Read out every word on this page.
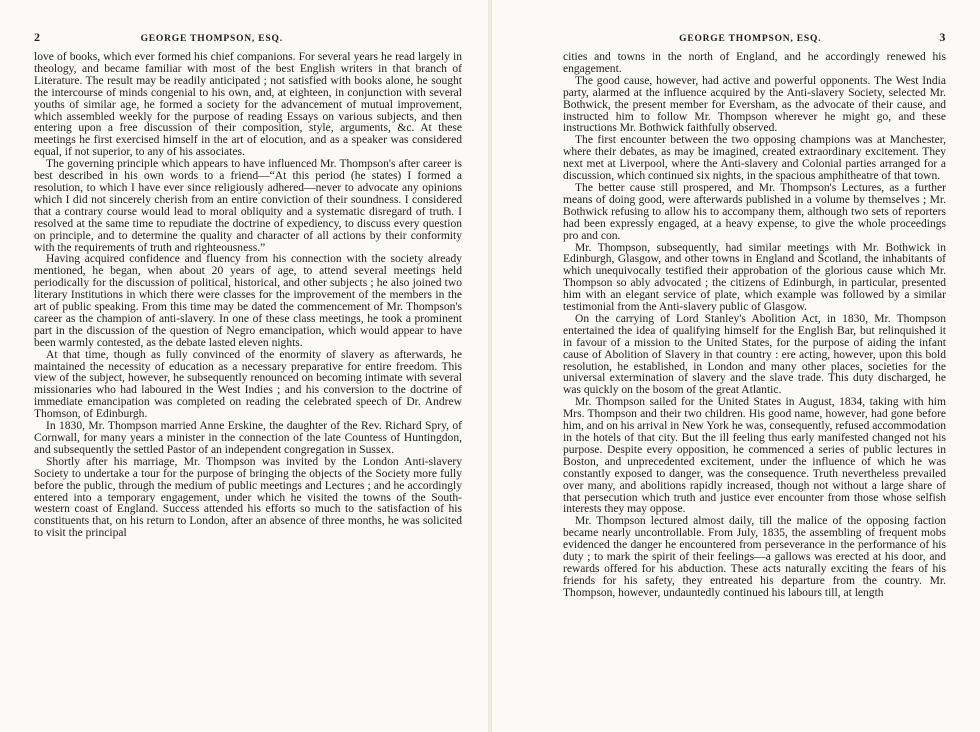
2	GEORGE THOMPSON, ESQ.

love of books, which ever formed his chief companions. For several years he read largely in theology, and became familiar with most of the best English writers in that branch of Literature. The result may be readily anticipated ; not satisfied with books alone, he sought the intercourse of minds congenial to his own, and, at eighteen, in conjunction with several youths of similar age, he formed a society for the advancement of mutual improvement, which assembled weekly for the purpose of reading Essays on various subjects, and then entering upon a free discussion of their composition, style, arguments, &c. At these meetings he first exercised himself in the art of elocution, and as a speaker was considered equal, if not superior, to any of his associates.

The governing principle which appears to have influenced Mr. Thompson's after career is best described in his own words to a friend—“At this period (he states) I formed a resolution, to which I have ever since religiously adhered—never to advocate any opinions which I did not sincerely cherish from an entire conviction of their soundness. I considered that a contrary course would lead to moral obliquity and a systematic disregard of truth. I resolved at the same time to repudiate the doctrine of expediency, to discuss every question on principle, and to determine the quality and character of all actions by their conformity with the requirements of truth and righteousness.”

Having acquired confidence and fluency from his connection with the society already mentioned, he began, when about 20 years of age, to attend several meetings held periodically for the discussion of political, historical, and other subjects ; he also joined two literary Institutions in which there were classes for the improvement of the members in the art of public speaking. From this time may be dated the commencement of Mr. Thompson's career as the champion of anti-slavery. In one of these class meetings, he took a prominent part in the discussion of the question of Negro emancipation, which would appear to have been warmly contested, as the debate lasted eleven nights.

At that time, though as fully convinced of the enormity of slavery as afterwards, he maintained the necessity of education as a necessary preparative for entire freedom. This view of the subject, however, he subsequently renounced on becoming intimate with several missionaries who had laboured in the West Indies ; and his conversion to the doctrine of immediate emancipation was completed on reading the celebrated speech of Dr. Andrew Thomson, of Edinburgh.

In 1830, Mr. Thompson married Anne Erskine, the daughter of the Rev. Richard Spry, of Cornwall, for many years a minister in the connection of the late Countess of Huntingdon, and subsequently the settled Pastor of an independent congregation in Sussex.

Shortly after his marriage, Mr. Thompson was invited by the London Anti-slavery Society to undertake a tour for the purpose of bringing the objects of the Society more fully before the public, through the medium of public meetings and Lectures ; and he accordingly entered into a temporary engagement, under which he visited the towns of the South-western coast of England. Success attended his efforts so much to the satisfaction of his constituents that, on his return to London, after an absence of three months, he was solicited to visit the principal

GEORGE THOMPSON, ESQ.	3

cities and towns in the north of England, and he accordingly renewed his engagement.

The good cause, however, had active and powerful opponents. The West India party, alarmed at the influence acquired by the Anti-slavery Society, selected Mr. Bothwick, the present member for Eversham, as the advocate of their cause, and instructed him to follow Mr. Thompson wherever he might go, and these instructions Mr. Bothwick faithfully observed.

The first encounter between the two opposing champions was at Manchester, where their debates, as may be imagined, created extraordinary excitement. They next met at Liverpool, where the Anti-slavery and Colonial parties arranged for a discussion, which continued six nights, in the spacious amphitheatre of that town.

The better cause still prospered, and Mr. Thompson's Lectures, as a further means of doing good, were afterwards published in a volume by themselves ; Mr. Bothwick refusing to allow his to accompany them, although two sets of reporters had been expressly engaged, at a heavy expense, to give the whole proceedings pro and con.

Mr. Thompson, subsequently, had similar meetings with Mr. Bothwick in Edinburgh, Glasgow, and other towns in England and Scotland, the inhabitants of which unequivocally testified their approbation of the glorious cause which Mr. Thompson so ably advocated ; the citizens of Edinburgh, in particular, presented him with an elegant service of plate, which example was followed by a similar testimonial from the Anti-slavery public of Glasgow.

On the carrying of Lord Stanley's Abolition Act, in 1830, Mr. Thompson entertained the idea of qualifying himself for the English Bar, but relinquished it in favour of a mission to the United States, for the purpose of aiding the infant cause of Abolition of Slavery in that country : ere acting, however, upon this bold resolution, he established, in London and many other places, societies for the universal extermination of slavery and the slave trade. This duty discharged, he was quickly on the bosom of the great Atlantic.

Mr. Thompson sailed for the United States in August, 1834, taking with him Mrs. Thompson and their two children. His good name, however, had gone before him, and on his arrival in New York he was, consequently, refused accommodation in the hotels of that city. But the ill feeling thus early manifested changed not his purpose. Despite every opposition, he commenced a series of public lectures in Boston, and unprecedented excitement, under the influence of which he was constantly exposed to danger, was the consequence. Truth nevertheless prevailed over many, and abolitions rapidly increased, though not without a large share of that persecution which truth and justice ever encounter from those whose selfish interests they may oppose.

Mr. Thompson lectured almost daily, till the malice of the opposing faction became nearly uncontrollable. From July, 1835, the assembling of frequent mobs evidenced the danger he encountered from perseverance in the performance of his duty ; to mark the spirit of their feelings—a gallows was erected at his door, and rewards offered for his abduction. These acts naturally exciting the fears of his friends for his safety, they entreated his departure from the country. Mr. Thompson, however, undauntedly continued his labours till, at length
